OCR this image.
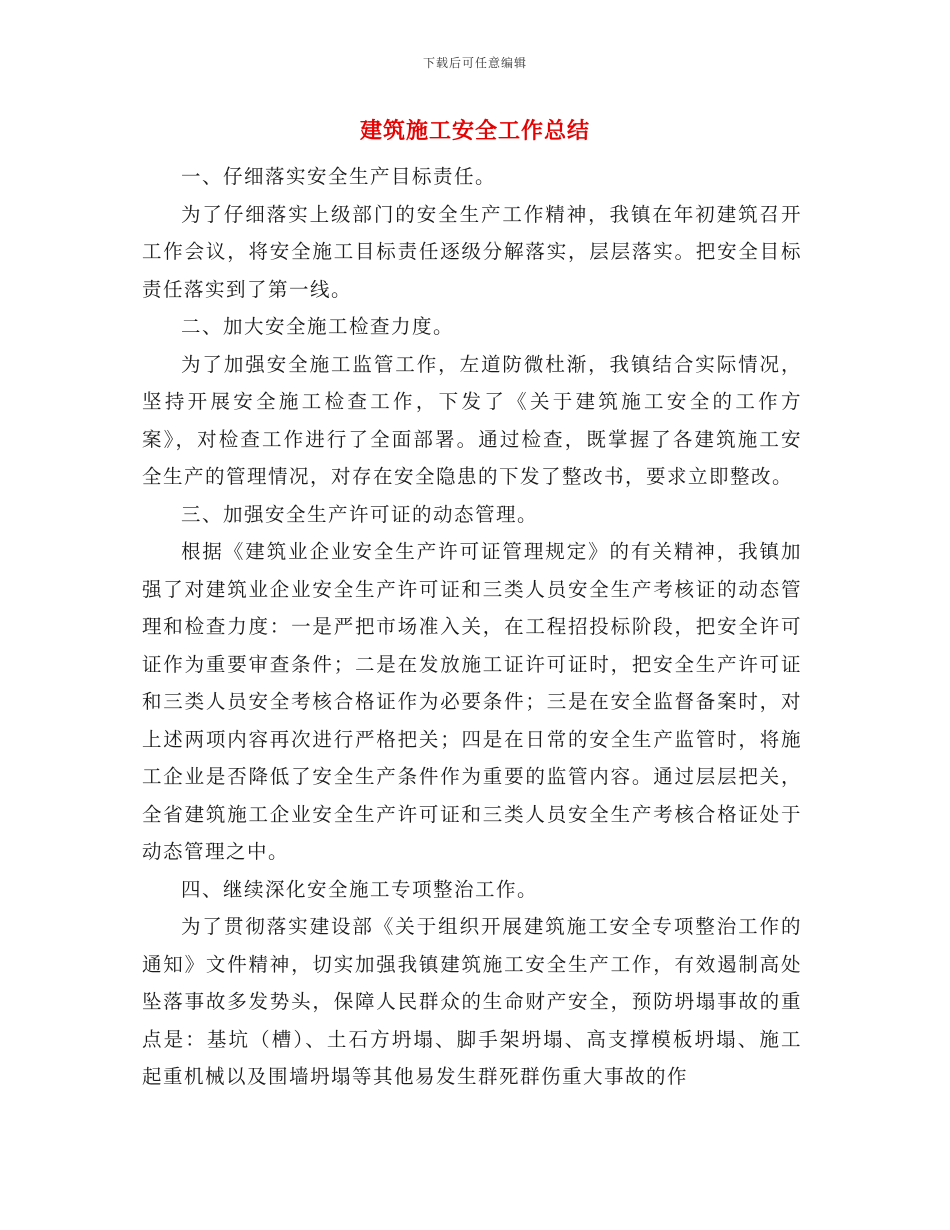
下载后可任意编辑
建筑施工安全工作总结

一、仔细落实安全生产目标责任。

为了仔细落实上级部门的安全生产工作精神，我镇在年初建筑召开工作会议，将安全施工目标责任逐级分解落实，层层落实。把安全目标责任落实到了第一线。

二、加大安全施工检查力度。

为了加强安全施工监管工作，左道防微杜渐，我镇结合实际情况，坚持开展安全施工检查工作，下发了《关于建筑施工安全的工作方案》，对检查工作进行了全面部署。通过检查，既掌握了各建筑施工安全生产的管理情况，对存在安全隐患的下发了整改书，要求立即整改。

三、加强安全生产许可证的动态管理。

根据《建筑业企业安全生产许可证管理规定》的有关精神，我镇加强了对建筑业企业安全生产许可证和三类人员安全生产考核证的动态管理和检查力度：一是严把市场准入关，在工程招投标阶段，把安全许可证作为重要审查条件；二是在发放施工证许可证时，把安全生产许可证和三类人员安全考核合格证作为必要条件；三是在安全监督备案时，对上述两项内容再次进行严格把关；四是在日常的安全生产监管时，将施工企业是否降低了安全生产条件作为重要的监管内容。通过层层把关，全省建筑施工企业安全生产许可证和三类人员安全生产考核合格证处于动态管理之中。

四、继续深化安全施工专项整治工作。

为了贯彻落实建设部《关于组织开展建筑施工安全专项整治工作的通知》文件精神，切实加强我镇建筑施工安全生产工作，有效遏制高处坠落事故多发势头，保障人民群众的生命财产安全，预防坍塌事故的重点是：基坑（槽）、土石方坍塌、脚手架坍塌、高支撑模板坍塌、施工起重机械以及围墙坍塌等其他易发生群死群伤重大事故的作
